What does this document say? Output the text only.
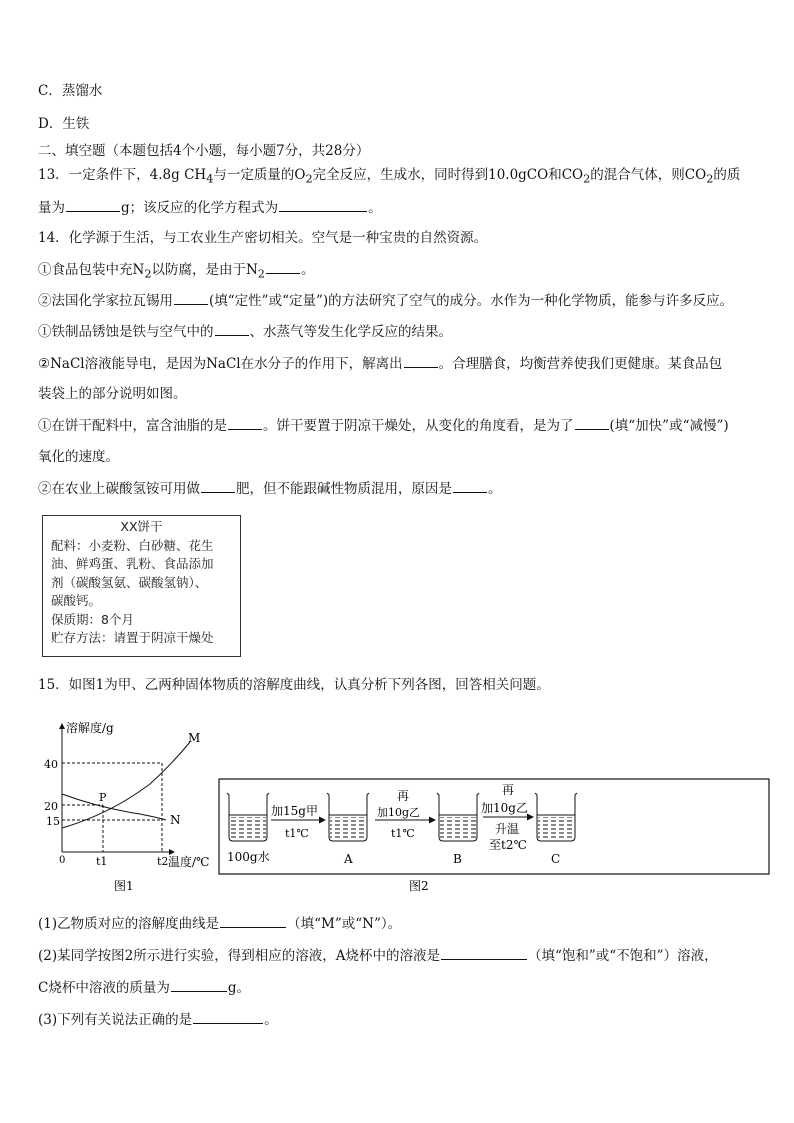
C．蒸馏水
D．生铁
二、填空题（本题包括4个小题，每小题7分，共28分）
13．一定条件下，4.8g $CH_4$与一定质量的$O_2$完全反应，生成水，同时得到10.0gCO和$CO_2$的混合气体，则$CO_2$的质
量为	g；该反应的化学方程式为	。
14．化学源于生活，与工农业生产密切相关。空气是一种宝贵的自然资源。
①食品包装中充$N_2$以防腐，是由于$N_2$	。
②法国化学家拉瓦锡用	(填“定性”或“定量”)的方法研究了空气的成分。水作为一种化学物质，能参与许多反应。
①铁制品锈蚀是铁与空气中的	、水蒸气等发生化学反应的结果。
②NaCl溶液能导电，是因为NaCl在水分子的作用下，解离出	。合理膳食，均衡营养使我们更健康。某食品包
装袋上的部分说明如图。
①在饼干配料中，富含油脂的是	。饼干要置于阴凉干燥处，从变化的角度看，是为了	(填“加快”或“减慢”)
氧化的速度。
②在农业上碳酸氢铵可用做	肥，但不能跟碱性物质混用，原因是	。
XX饼干
配料：小麦粉、白砂糖、花生
油、鲜鸡蛋、乳粉、食品添加
剂（碳酸氢氨、碳酸氢钠）、
碳酸钙。
保质期：8个月
贮存方法：请置于阴凉干燥处
15．如图1为甲、乙两种固体物质的溶解度曲线，认真分析下列各图，回答相关问题。
溶解度/g
温度/℃
40
20
15
0	t1	t2
M
N
P
图1
加15g甲
t1℃
再
加10g乙
t1℃
再
加10g乙
升温
至t2℃
100g水	A	B	C
图2
(1)乙物质对应的溶解度曲线是	（填“M”或“N”）。
(2)某同学按图2所示进行实验，得到相应的溶液，A烧杯中的溶液是	（填“饱和”或“不饱和”）溶液，
C烧杯中溶液的质量为	g。
(3)下列有关说法正确的是	。
